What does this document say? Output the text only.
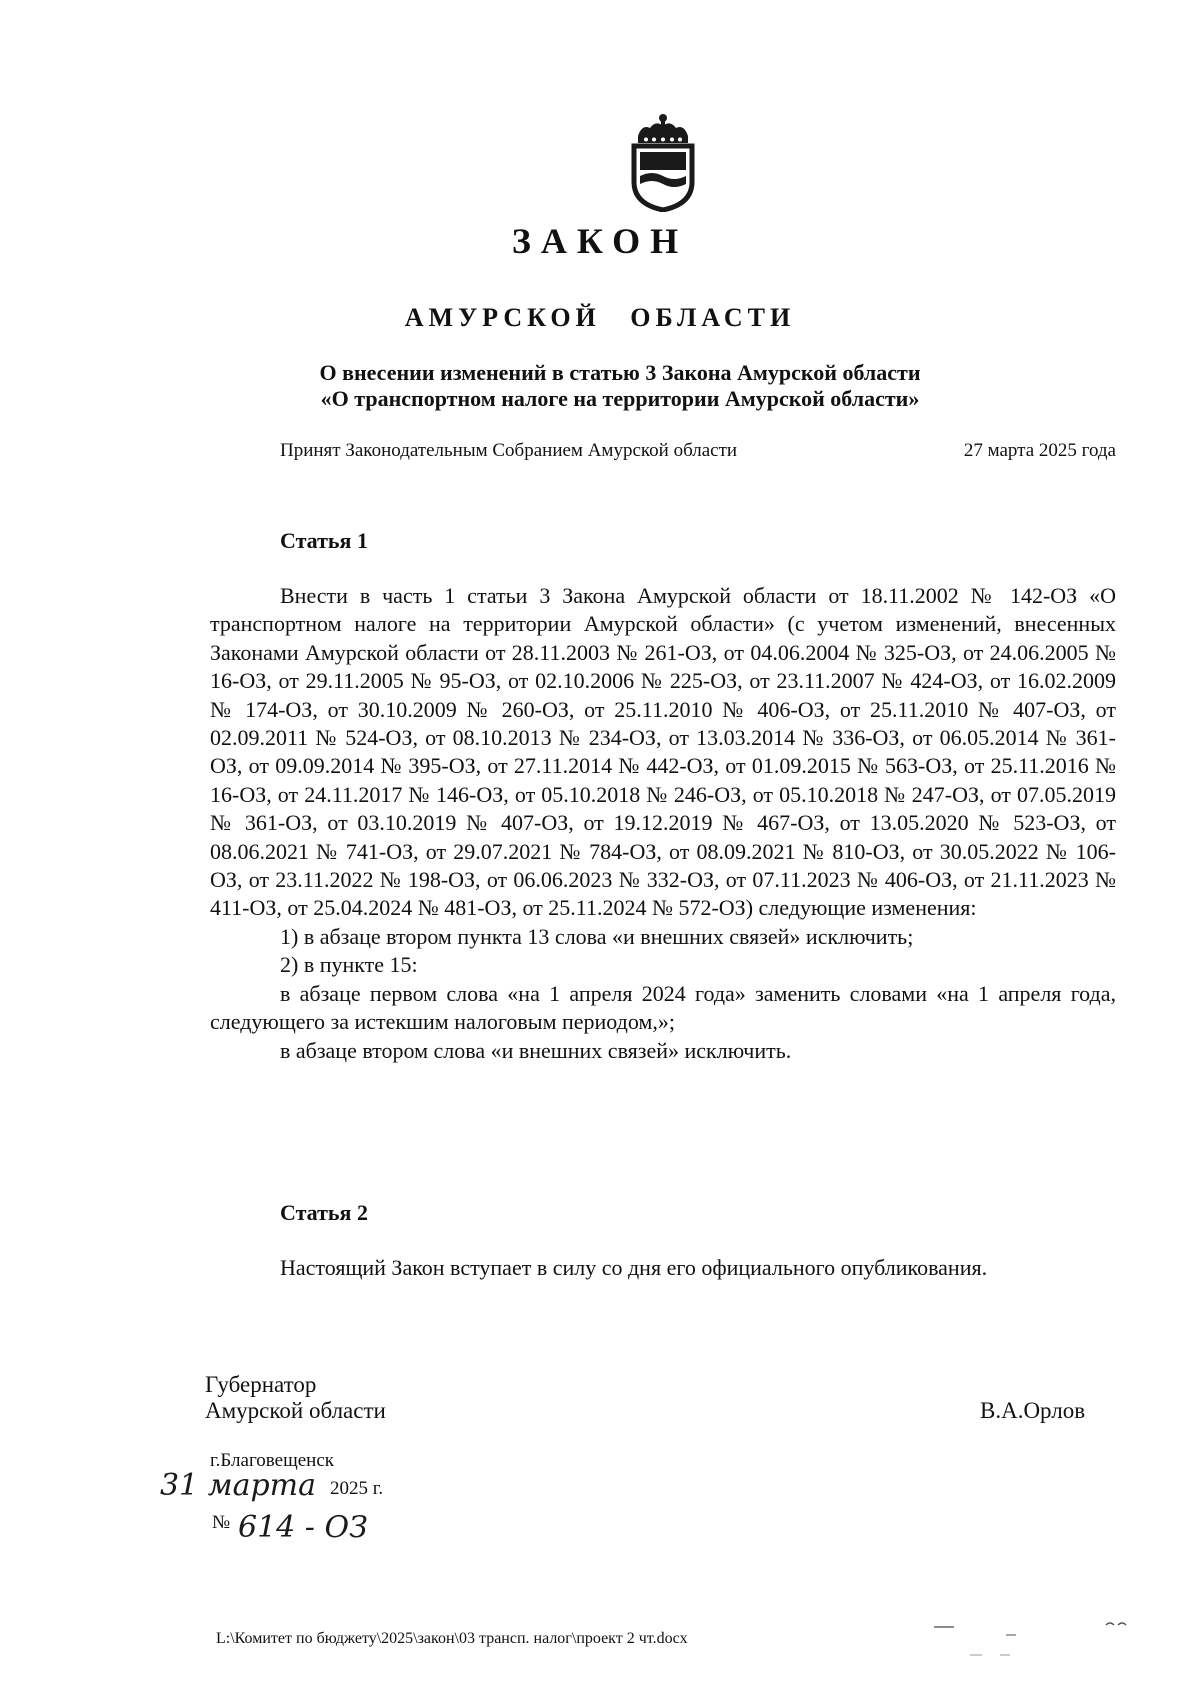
ЗАКОН
АМУРСКОЙ ОБЛАСТИ
О внесении изменений в статью 3 Закона Амурской области
«О транспортном налоге на территории Амурской области»
Принят Законодательным Собранием Амурской области	27 марта 2025 года
Статья 1

Внести в часть 1 статьи 3 Закона Амурской области от 18.11.2002 № 142-ОЗ «О транспортном налоге на территории Амурской области» (с учетом изменений, внесенных Законами Амурской области от 28.11.2003 № 261-ОЗ, от 04.06.2004 № 325-ОЗ, от 24.06.2005 № 16-ОЗ, от 29.11.2005 № 95-ОЗ, от 02.10.2006 № 225-ОЗ, от 23.11.2007 № 424-ОЗ, от 16.02.2009 № 174-ОЗ, от 30.10.2009 № 260-ОЗ, от 25.11.2010 № 406-ОЗ, от 25.11.2010 № 407-ОЗ, от 02.09.2011 № 524-ОЗ, от 08.10.2013 № 234-ОЗ, от 13.03.2014 № 336-ОЗ, от 06.05.2014 № 361-ОЗ, от 09.09.2014 № 395-ОЗ, от 27.11.2014 № 442-ОЗ, от 01.09.2015 № 563-ОЗ, от 25.11.2016 № 16-ОЗ, от 24.11.2017 № 146-ОЗ, от 05.10.2018 № 246-ОЗ, от 05.10.2018 № 247-ОЗ, от 07.05.2019 № 361-ОЗ, от 03.10.2019 № 407-ОЗ, от 19.12.2019 № 467-ОЗ, от 13.05.2020 № 523-ОЗ, от 08.06.2021 № 741-ОЗ, от 29.07.2021 № 784-ОЗ, от 08.09.2021 № 810-ОЗ, от 30.05.2022 № 106-ОЗ, от 23.11.2022 № 198-ОЗ, от 06.06.2023 № 332-ОЗ, от 07.11.2023 № 406-ОЗ, от 21.11.2023 № 411-ОЗ, от 25.04.2024 № 481-ОЗ, от 25.11.2024 № 572-ОЗ) следующие изменения:

1) в абзаце втором пункта 13 слова «и внешних связей» исключить;

2) в пункте 15:

в абзаце первом слова «на 1 апреля 2024 года» заменить словами «на 1 апреля года, следующего за истекшим налоговым периодом,»;

в абзаце втором слова «и внешних связей» исключить.

Статья 2

Настоящий Закон вступает в силу со дня его официального опубликования.

Губернатор
Амурской области	В.А.Орлов
г.Благовещенск
31 марта 2025 г.
№ 614 - ОЗ
L:\Комитет по бюджету\2025\закон\03 трансп. налог\проект 2 чт.docx
